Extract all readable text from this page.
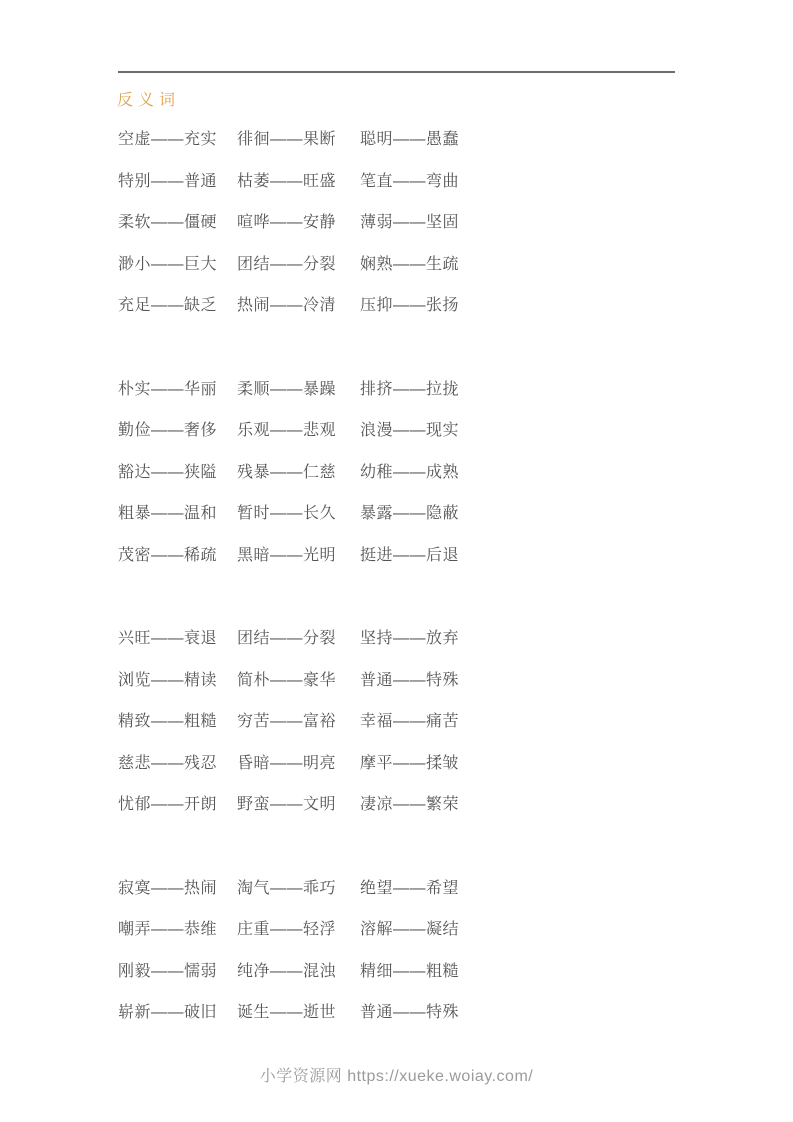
反义词
空虚——充实	徘徊——果断	聪明——愚蠢
特别——普通	枯萎——旺盛	笔直——弯曲
柔软——僵硬	喧哗——安静	薄弱——坚固
渺小——巨大	团结——分裂	娴熟——生疏
充足——缺乏	热闹——冷清	压抑——张扬
朴实——华丽	柔顺——暴躁	排挤——拉拢
勤俭——奢侈	乐观——悲观	浪漫——现实
豁达——狭隘	残暴——仁慈	幼稚——成熟
粗暴——温和	暂时——长久	暴露——隐蔽
茂密——稀疏	黑暗——光明	挺进——后退
兴旺——衰退	团结——分裂	坚持——放弃
浏览——精读	简朴——豪华	普通——特殊
精致——粗糙	穷苦——富裕	幸福——痛苦
慈悲——残忍	昏暗——明亮	摩平——揉皱
忧郁——开朗	野蛮——文明	凄凉——繁荣
寂寞——热闹	淘气——乖巧	绝望——希望
嘲弄——恭维	庄重——轻浮	溶解——凝结
刚毅——懦弱	纯净——混浊	精细——粗糙
崭新——破旧	诞生——逝世	普通——特殊
小学资源网 https://xueke.woiay.com/
